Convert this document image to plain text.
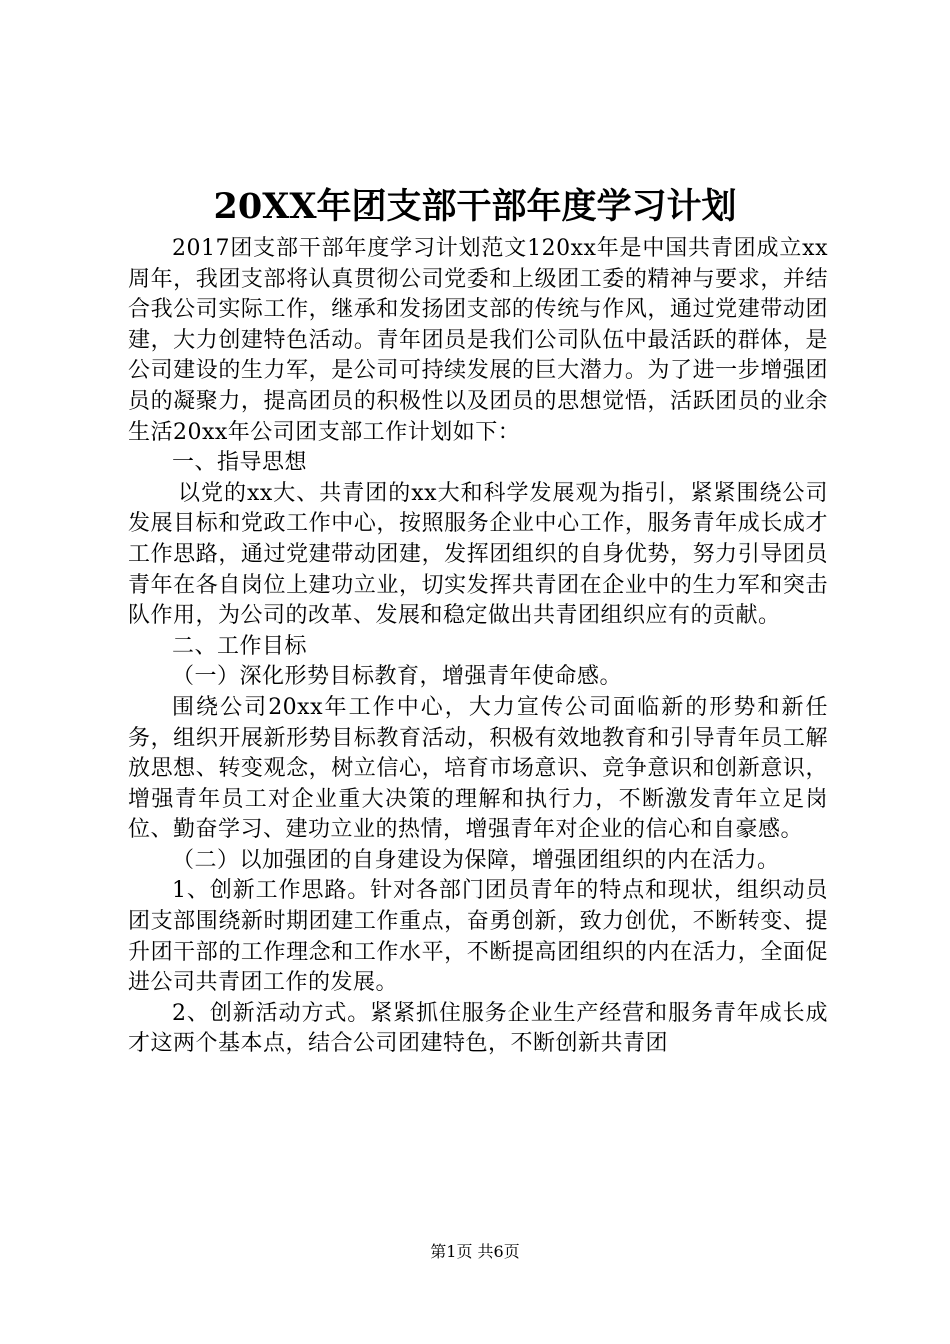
20XX年团支部干部年度学习计划

2017团支部干部年度学习计划范文120xx年是中国共青团成立xx周年，我团支部将认真贯彻公司党委和上级团工委的精神与要求，并结合我公司实际工作，继承和发扬团支部的传统与作风，通过党建带动团建，大力创建特色活动。青年团员是我们公司队伍中最活跃的群体，是公司建设的生力军，是公司可持续发展的巨大潜力。为了进一步增强团员的凝聚力，提高团员的积极性以及团员的思想觉悟，活跃团员的业余生活20xx年公司团支部工作计划如下：

一、指导思想

以党的xx大、共青团的xx大和科学发展观为指引，紧紧围绕公司发展目标和党政工作中心，按照服务企业中心工作，服务青年成长成才工作思路，通过党建带动团建，发挥团组织的自身优势，努力引导团员青年在各自岗位上建功立业，切实发挥共青团在企业中的生力军和突击队作用，为公司的改革、发展和稳定做出共青团组织应有的贡献。

二、工作目标

（一）深化形势目标教育，增强青年使命感。

围绕公司20xx年工作中心，大力宣传公司面临新的形势和新任务，组织开展新形势目标教育活动，积极有效地教育和引导青年员工解放思想、转变观念，树立信心，培育市场意识、竞争意识和创新意识，增强青年员工对企业重大决策的理解和执行力，不断激发青年立足岗位、勤奋学习、建功立业的热情，增强青年对企业的信心和自豪感。

（二）以加强团的自身建设为保障，增强团组织的内在活力。

1、创新工作思路。针对各部门团员青年的特点和现状，组织动员团支部围绕新时期团建工作重点，奋勇创新，致力创优，不断转变、提升团干部的工作理念和工作水平，不断提高团组织的内在活力，全面促进公司共青团工作的发展。

2、创新活动方式。紧紧抓住服务企业生产经营和服务青年成长成才这两个基本点，结合公司团建特色，不断创新共青团

第1页 共6页
